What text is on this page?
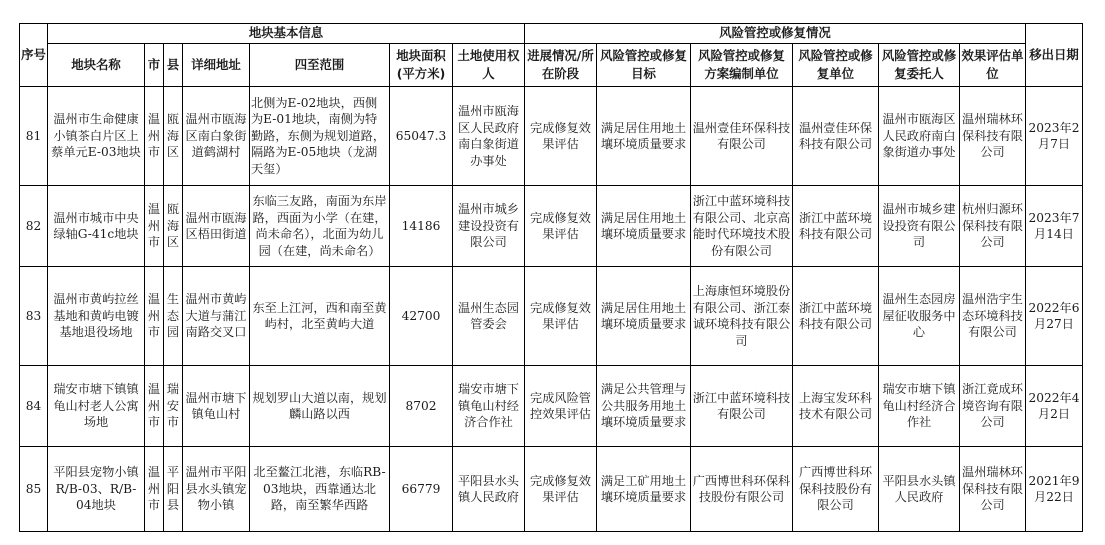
序号	地块基本信息							风险管控或修复情况						移出日期
	地块名称	市	县	详细地址	四至范围	地块面积(平方米)	土地使用权人	进展情况/所在阶段	风险管控或修复目标	风险管控或修复方案编制单位	风险管控或修复单位	风险管控或修复委托人	效果评估单位	
81	温州市生命健康小镇茶白片区上蔡单元E-03地块	温州市	瓯海区	温州市瓯海区南白象街道鹤湖村	北侧为E-02地块，西侧为E-01地块，南侧为特勤路，东侧为规划道路，隔路为E-05地块（龙湖天玺）	65047.3	温州市瓯海区人民政府南白象街道办事处	完成修复效果评估	满足居住用地土壤环境质量要求	温州壹佳环保科技有限公司	温州壹佳环保科技有限公司	温州市瓯海区人民政府南白象街道办事处	温州瑞林环保科技有限公司	2023年2月7日
82	温州市城市中央绿轴G-41c地块	温州市	瓯海区	温州市瓯海区梧田街道	东临三友路，南面为东岸路，西面为小学（在建，尚未命名），北面为幼儿园（在建，尚未命名）	14186	温州市城乡建设投资有限公司	完成修复效果评估	满足居住用地土壤环境质量要求	浙江中蓝环境科技有限公司、北京高能时代环境技术股份有限公司	浙江中蓝环境科技有限公司	温州市城乡建设投资有限公司	杭州归源环保科技有限公司	2023年7月14日
83	温州市黄屿拉丝基地和黄屿电镀基地退役场地	温州市	生态园	温州市黄屿大道与蒲江南路交叉口	东至上江河，西和南至黄屿村，北至黄屿大道	42700	温州生态园管委会	完成修复效果评估	满足居住用地土壤环境质量要求	上海康恒环境股份有限公司、浙江泰诚环境科技有限公司	浙江中蓝环境科技有限公司	温州生态园房屋征收服务中心	温州浩宇生态环境科技有限公司	2022年6月27日
84	瑞安市塘下镇镇龟山村老人公寓场地	温州市	瑞安市	温州市塘下镇龟山村	规划罗山大道以南，规划麟山路以西	8702	瑞安市塘下镇龟山村经济合作社	完成风险管控效果评估	满足公共管理与公共服务用地土壤环境质量要求	浙江中蓝环境科技有限公司	上海宝发环科技术有限公司	瑞安市塘下镇龟山村经济合作社	浙江竟成环境咨询有限公司	2022年4月2日
85	平阳县宠物小镇R/B-03、R/B-04地块	温州市	平阳县	温州市平阳县水头镇宠物小镇	北至鳌江北港，东临RB-03地块，西靠通达北路，南至繁华西路	66779	平阳县水头镇人民政府	完成修复效果评估	满足工矿用地土壤环境质量要求	广西博世科环保科技股份有限公司	广西博世科环保科技股份有限公司	平阳县水头镇人民政府	温州瑞林环保科技有限公司	2021年9月22日
